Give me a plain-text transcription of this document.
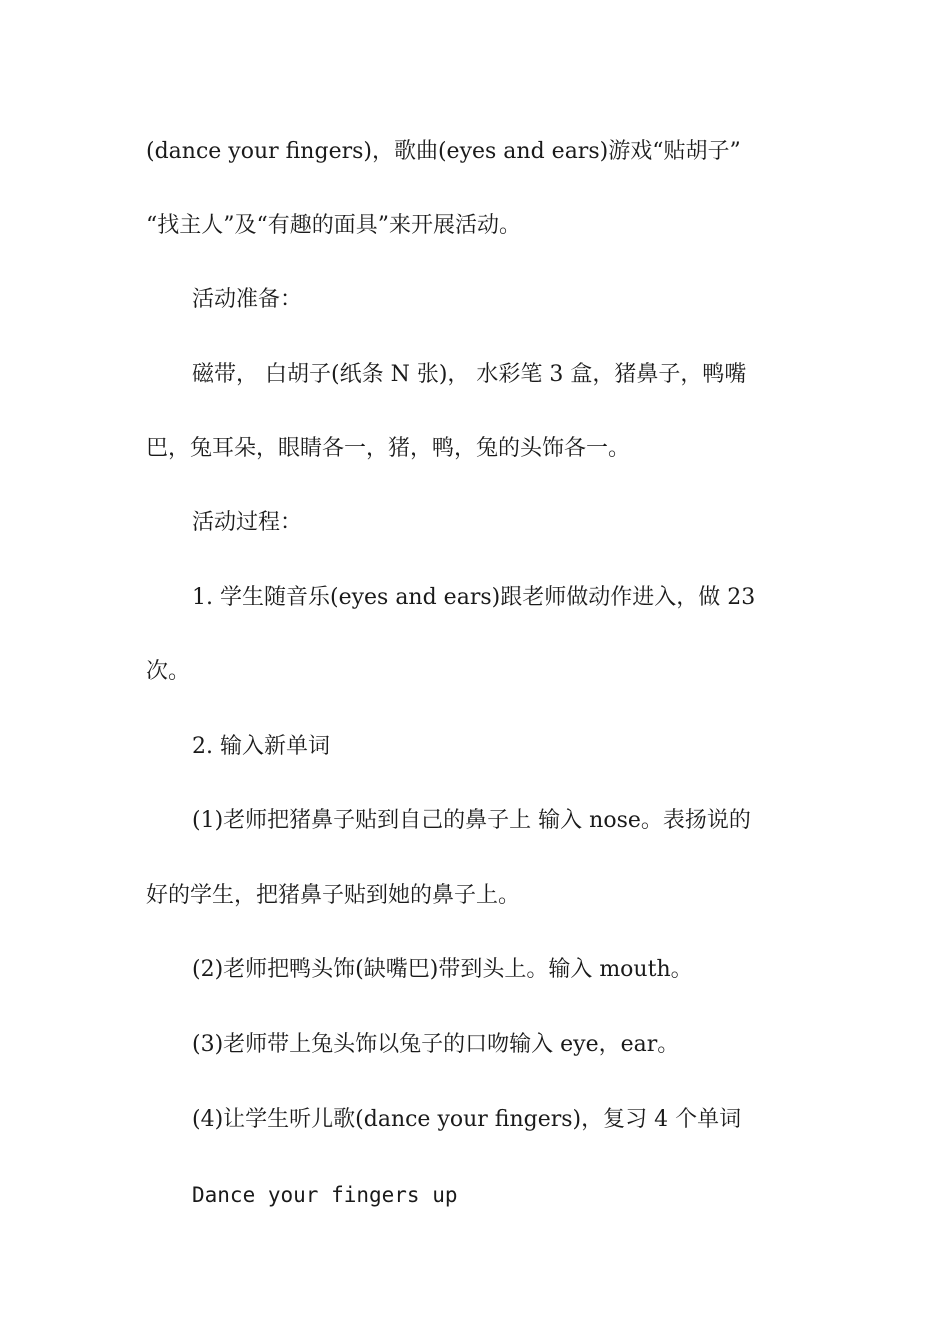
(dance your fingers)，歌曲(eyes and ears)游戏“贴胡子”
“找主人”及“有趣的面具”来开展活动。
活动准备：
磁带， 白胡子(纸条 N 张)， 水彩笔 3 盒，猪鼻子，鸭嘴
巴，兔耳朵，眼睛各一，猪，鸭，兔的头饰各一。
活动过程：
1. 学生随音乐(eyes and ears)跟老师做动作进入，做 23
次。
2. 输入新单词
(1)老师把猪鼻子贴到自己的鼻子上 输入 nose。表扬说的
好的学生，把猪鼻子贴到她的鼻子上。
(2)老师把鸭头饰(缺嘴巴)带到头上。输入 mouth。
(3)老师带上兔头饰以兔子的口吻输入 eye，ear。
(4)让学生听儿歌(dance your fingers)，复习 4 个单词
Dance your fingers up
